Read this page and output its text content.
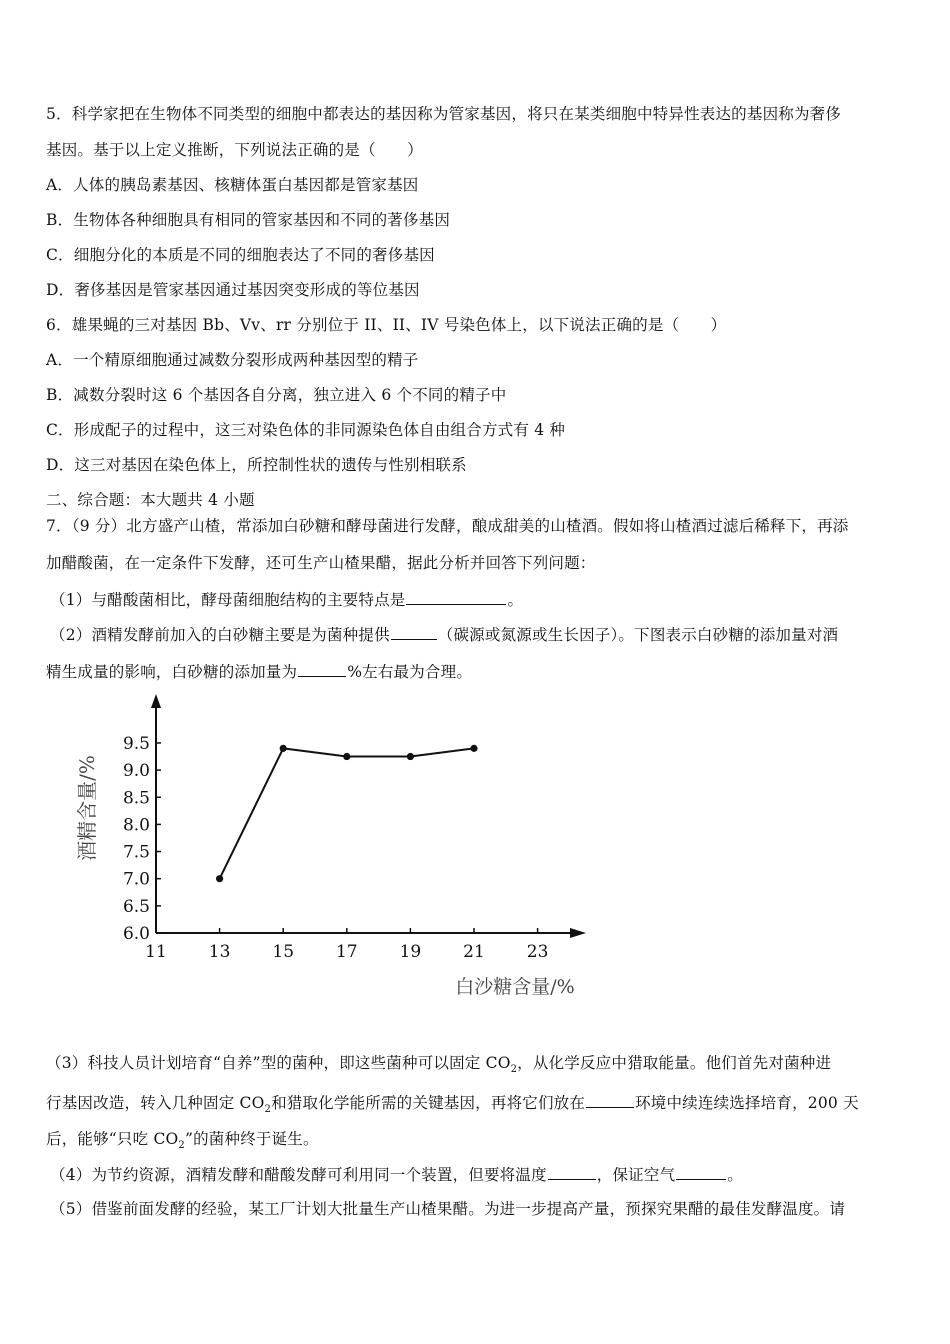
5．科学家把在生物体不同类型的细胞中都表达的基因称为管家基因，将只在某类细胞中特异性表达的基因称为奢侈
基因。基于以上定义推断，下列说法正确的是（　　）
A．人体的胰岛素基因、核糖体蛋白基因都是管家基因
B．生物体各种细胞具有相同的管家基因和不同的著侈基因
C．细胞分化的本质是不同的细胞表达了不同的奢侈基因
D．奢侈基因是管家基因通过基因突变形成的等位基因
6．雄果蝇的三对基因 Bb、Vv、rr 分别位于 II、II、IV 号染色体上，以下说法正确的是（　　）
A．一个精原细胞通过减数分裂形成两种基因型的精子
B．减数分裂时这 6 个基因各自分离，独立进入 6 个不同的精子中
C．形成配子的过程中，这三对染色体的非同源染色体自由组合方式有 4 种
D．这三对基因在染色体上，所控制性状的遗传与性别相联系
二、综合题：本大题共 4 小题
7．（9 分）北方盛产山楂，常添加白砂糖和酵母菌进行发酵，酿成甜美的山楂酒。假如将山楂酒过滤后稀释下，再添
加醋酸菌，在一定条件下发酵，还可生产山楂果醋，据此分析并回答下列问题：
（1）与醋酸菌相比，酵母菌细胞结构的主要特点是	。
（2）酒精发酵前加入的白砂糖主要是为菌种提供	（碳源或氮源或生长因子）。下图表示白砂糖的添加量对酒
精生成量的影响，白砂糖的添加量为	%左右最为合理。
6.0
6.5
7.0
7.5
8.0
8.5
9.0
9.5
11 13 15 17 19 21 23
酒精含量/%
白沙糖含量/%
（3）科技人员计划培育“自养”型的菌种，即这些菌种可以固定 $CO_2$，从化学反应中猎取能量。他们首先对菌种进
行基因改造，转入几种固定 $CO_2$和猎取化学能所需的关键基因，再将它们放在	环境中续连续选择培育，200 天
后，能够“只吃 $CO_2$”的菌种终于诞生。
（4）为节约资源，酒精发酵和醋酸发酵可利用同一个装置，但要将温度	，保证空气	。
（5）借鉴前面发酵的经验，某工厂计划大批量生产山楂果醋。为进一步提高产量，预探究果醋的最佳发酵温度。请
